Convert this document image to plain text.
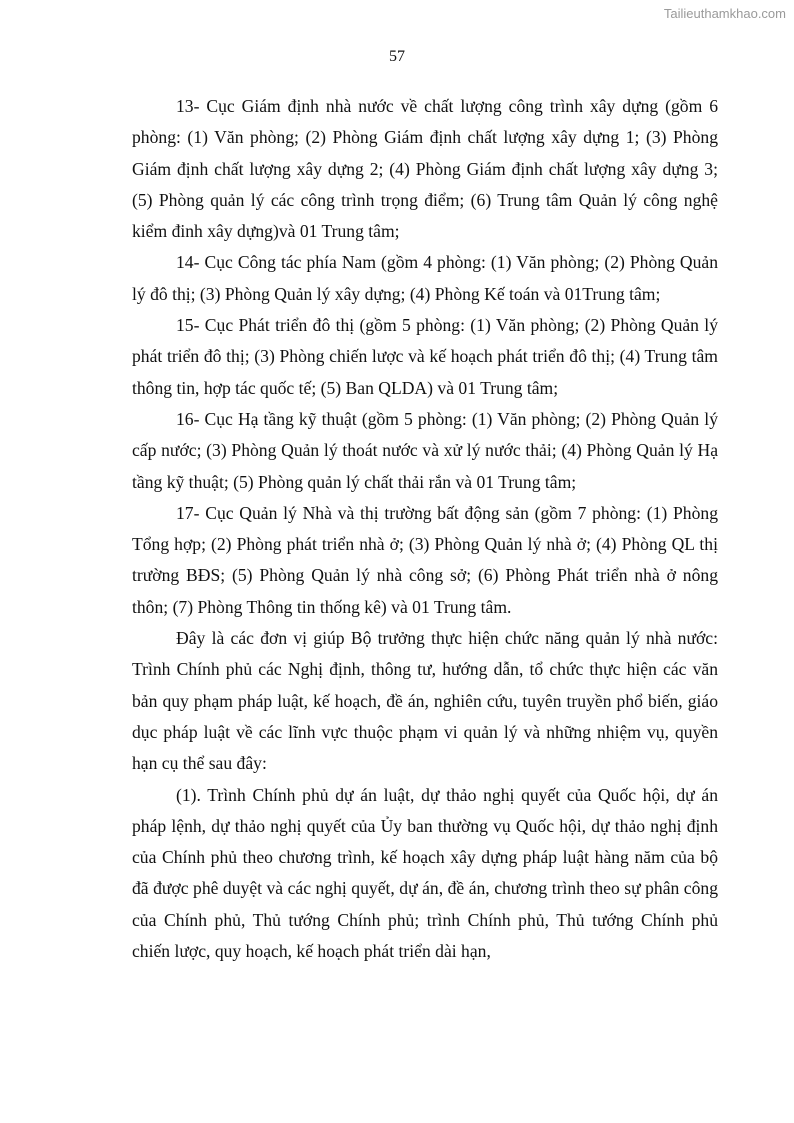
Tailieuthamkhao.com
57

13- Cục Giám định nhà nước về chất lượng công trình xây dựng (gồm 6 phòng: (1) Văn phòng; (2) Phòng Giám định chất lượng xây dựng 1; (3) Phòng Giám định chất lượng xây dựng 2; (4) Phòng Giám định chất lượng xây dựng 3; (5) Phòng quản lý các công trình trọng điểm; (6) Trung tâm Quản lý công nghệ kiểm đinh xây dựng)và 01 Trung tâm;

14- Cục Công tác phía Nam (gồm 4 phòng: (1) Văn phòng; (2) Phòng Quản lý đô thị; (3) Phòng Quản lý xây dựng; (4) Phòng Kế toán và 01Trung tâm;

15- Cục Phát triển đô thị (gồm 5 phòng: (1) Văn phòng; (2) Phòng Quản lý phát triển đô thị; (3) Phòng chiến lược và kế hoạch phát triển đô thị; (4) Trung tâm thông tin, hợp tác quốc tế; (5) Ban QLDA) và 01 Trung tâm;

16- Cục Hạ tầng kỹ thuật (gồm 5 phòng: (1) Văn phòng; (2) Phòng Quản lý cấp nước; (3) Phòng Quản lý thoát nước và xử lý nước thải; (4) Phòng Quản lý Hạ tầng kỹ thuật; (5) Phòng quản lý chất thải rắn và 01 Trung tâm;

17- Cục Quản lý Nhà và thị trường bất động sản (gồm 7 phòng: (1) Phòng Tổng hợp; (2) Phòng phát triển nhà ở; (3) Phòng Quản lý nhà ở; (4) Phòng QL thị trường BĐS; (5) Phòng Quản lý nhà công sở; (6) Phòng Phát triển nhà ở nông thôn; (7) Phòng Thông tin thống kê) và 01 Trung tâm.

Đây là các đơn vị giúp Bộ trưởng thực hiện chức năng quản lý nhà nước: Trình Chính phủ các Nghị định, thông tư, hướng dẫn, tổ chức thực hiện các văn bản quy phạm pháp luật, kế hoạch, đề án, nghiên cứu, tuyên truyền phổ biến, giáo dục pháp luật về các lĩnh vực thuộc phạm vi quản lý và những nhiệm vụ, quyền hạn cụ thể sau đây:

(1). Trình Chính phủ dự án luật, dự thảo nghị quyết của Quốc hội, dự án pháp lệnh, dự thảo nghị quyết của Ủy ban thường vụ Quốc hội, dự thảo nghị định của Chính phủ theo chương trình, kế hoạch xây dựng pháp luật hàng năm của bộ đã được phê duyệt và các nghị quyết, dự án, đề án, chương trình theo sự phân công của Chính phủ, Thủ tướng Chính phủ; trình Chính phủ, Thủ tướng Chính phủ chiến lược, quy hoạch, kế hoạch phát triển dài hạn,
